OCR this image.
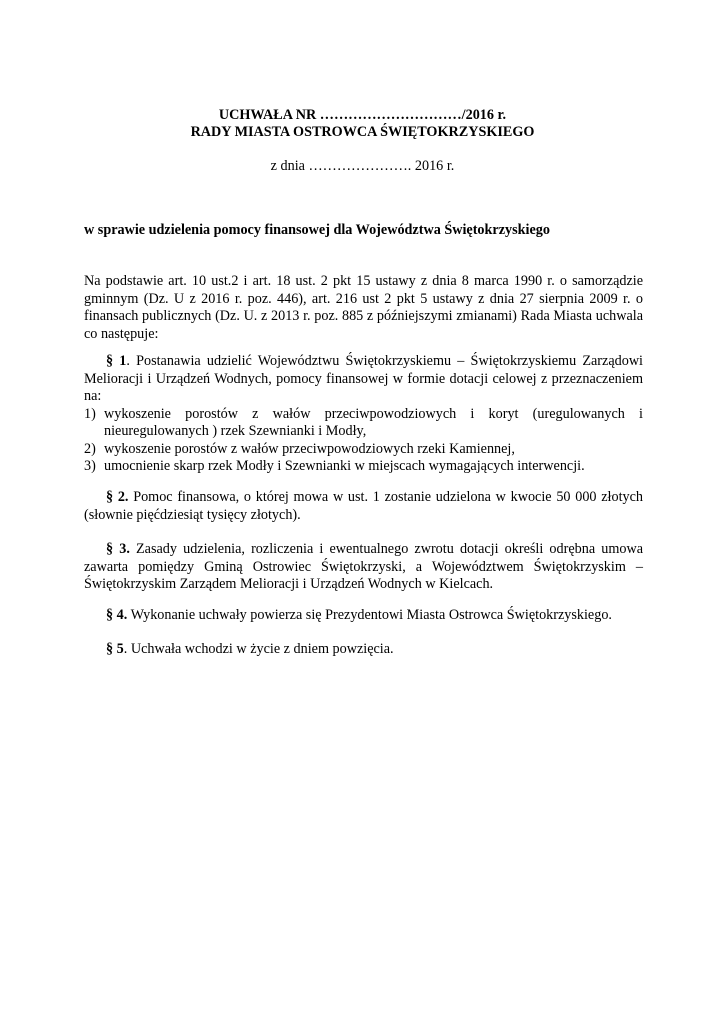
UCHWAŁA NR …………………………/2016 r.
RADY MIASTA OSTROWCA ŚWIĘTOKRZYSKIEGO
z dnia …………………. 2016 r.
w sprawie udzielenia pomocy finansowej dla Województwa Świętokrzyskiego
Na podstawie art. 10 ust.2 i art. 18 ust. 2 pkt 15 ustawy z dnia 8 marca 1990 r. o samorządzie gminnym (Dz. U z 2016 r. poz. 446), art. 216 ust 2 pkt 5 ustawy z dnia 27 sierpnia 2009 r. o finansach publicznych (Dz. U. z 2013 r. poz. 885 z późniejszymi zmianami) Rada Miasta uchwala co następuje:
§ 1. Postanawia udzielić Województwu Świętokrzyskiemu – Świętokrzyskiemu Zarządowi Melioracji i Urządzeń Wodnych, pomocy finansowej w formie dotacji celowej z przeznaczeniem na:
1) wykoszenie porostów z wałów przeciwpowodziowych i koryt (uregulowanych i nieuregulowanych ) rzek Szewnianki i Modły,
2) wykoszenie porostów z wałów przeciwpowodziowych rzeki Kamiennej,
3) umocnienie skarp rzek Modły i Szewnianki w miejscach wymagających interwencji.
§ 2. Pomoc finansowa, o której mowa w ust. 1 zostanie udzielona w kwocie 50 000 złotych (słownie pięćdziesiąt tysięcy złotych).
§ 3. Zasady udzielenia, rozliczenia i ewentualnego zwrotu dotacji określi odrębna umowa zawarta pomiędzy Gminą Ostrowiec Świętokrzyski, a Województwem Świętokrzyskim – Świętokrzyskim Zarządem Melioracji i Urządzeń Wodnych w Kielcach.
§ 4. Wykonanie uchwały powierza się Prezydentowi Miasta Ostrowca Świętokrzyskiego.
§ 5. Uchwała wchodzi w życie z dniem powzięcia.
